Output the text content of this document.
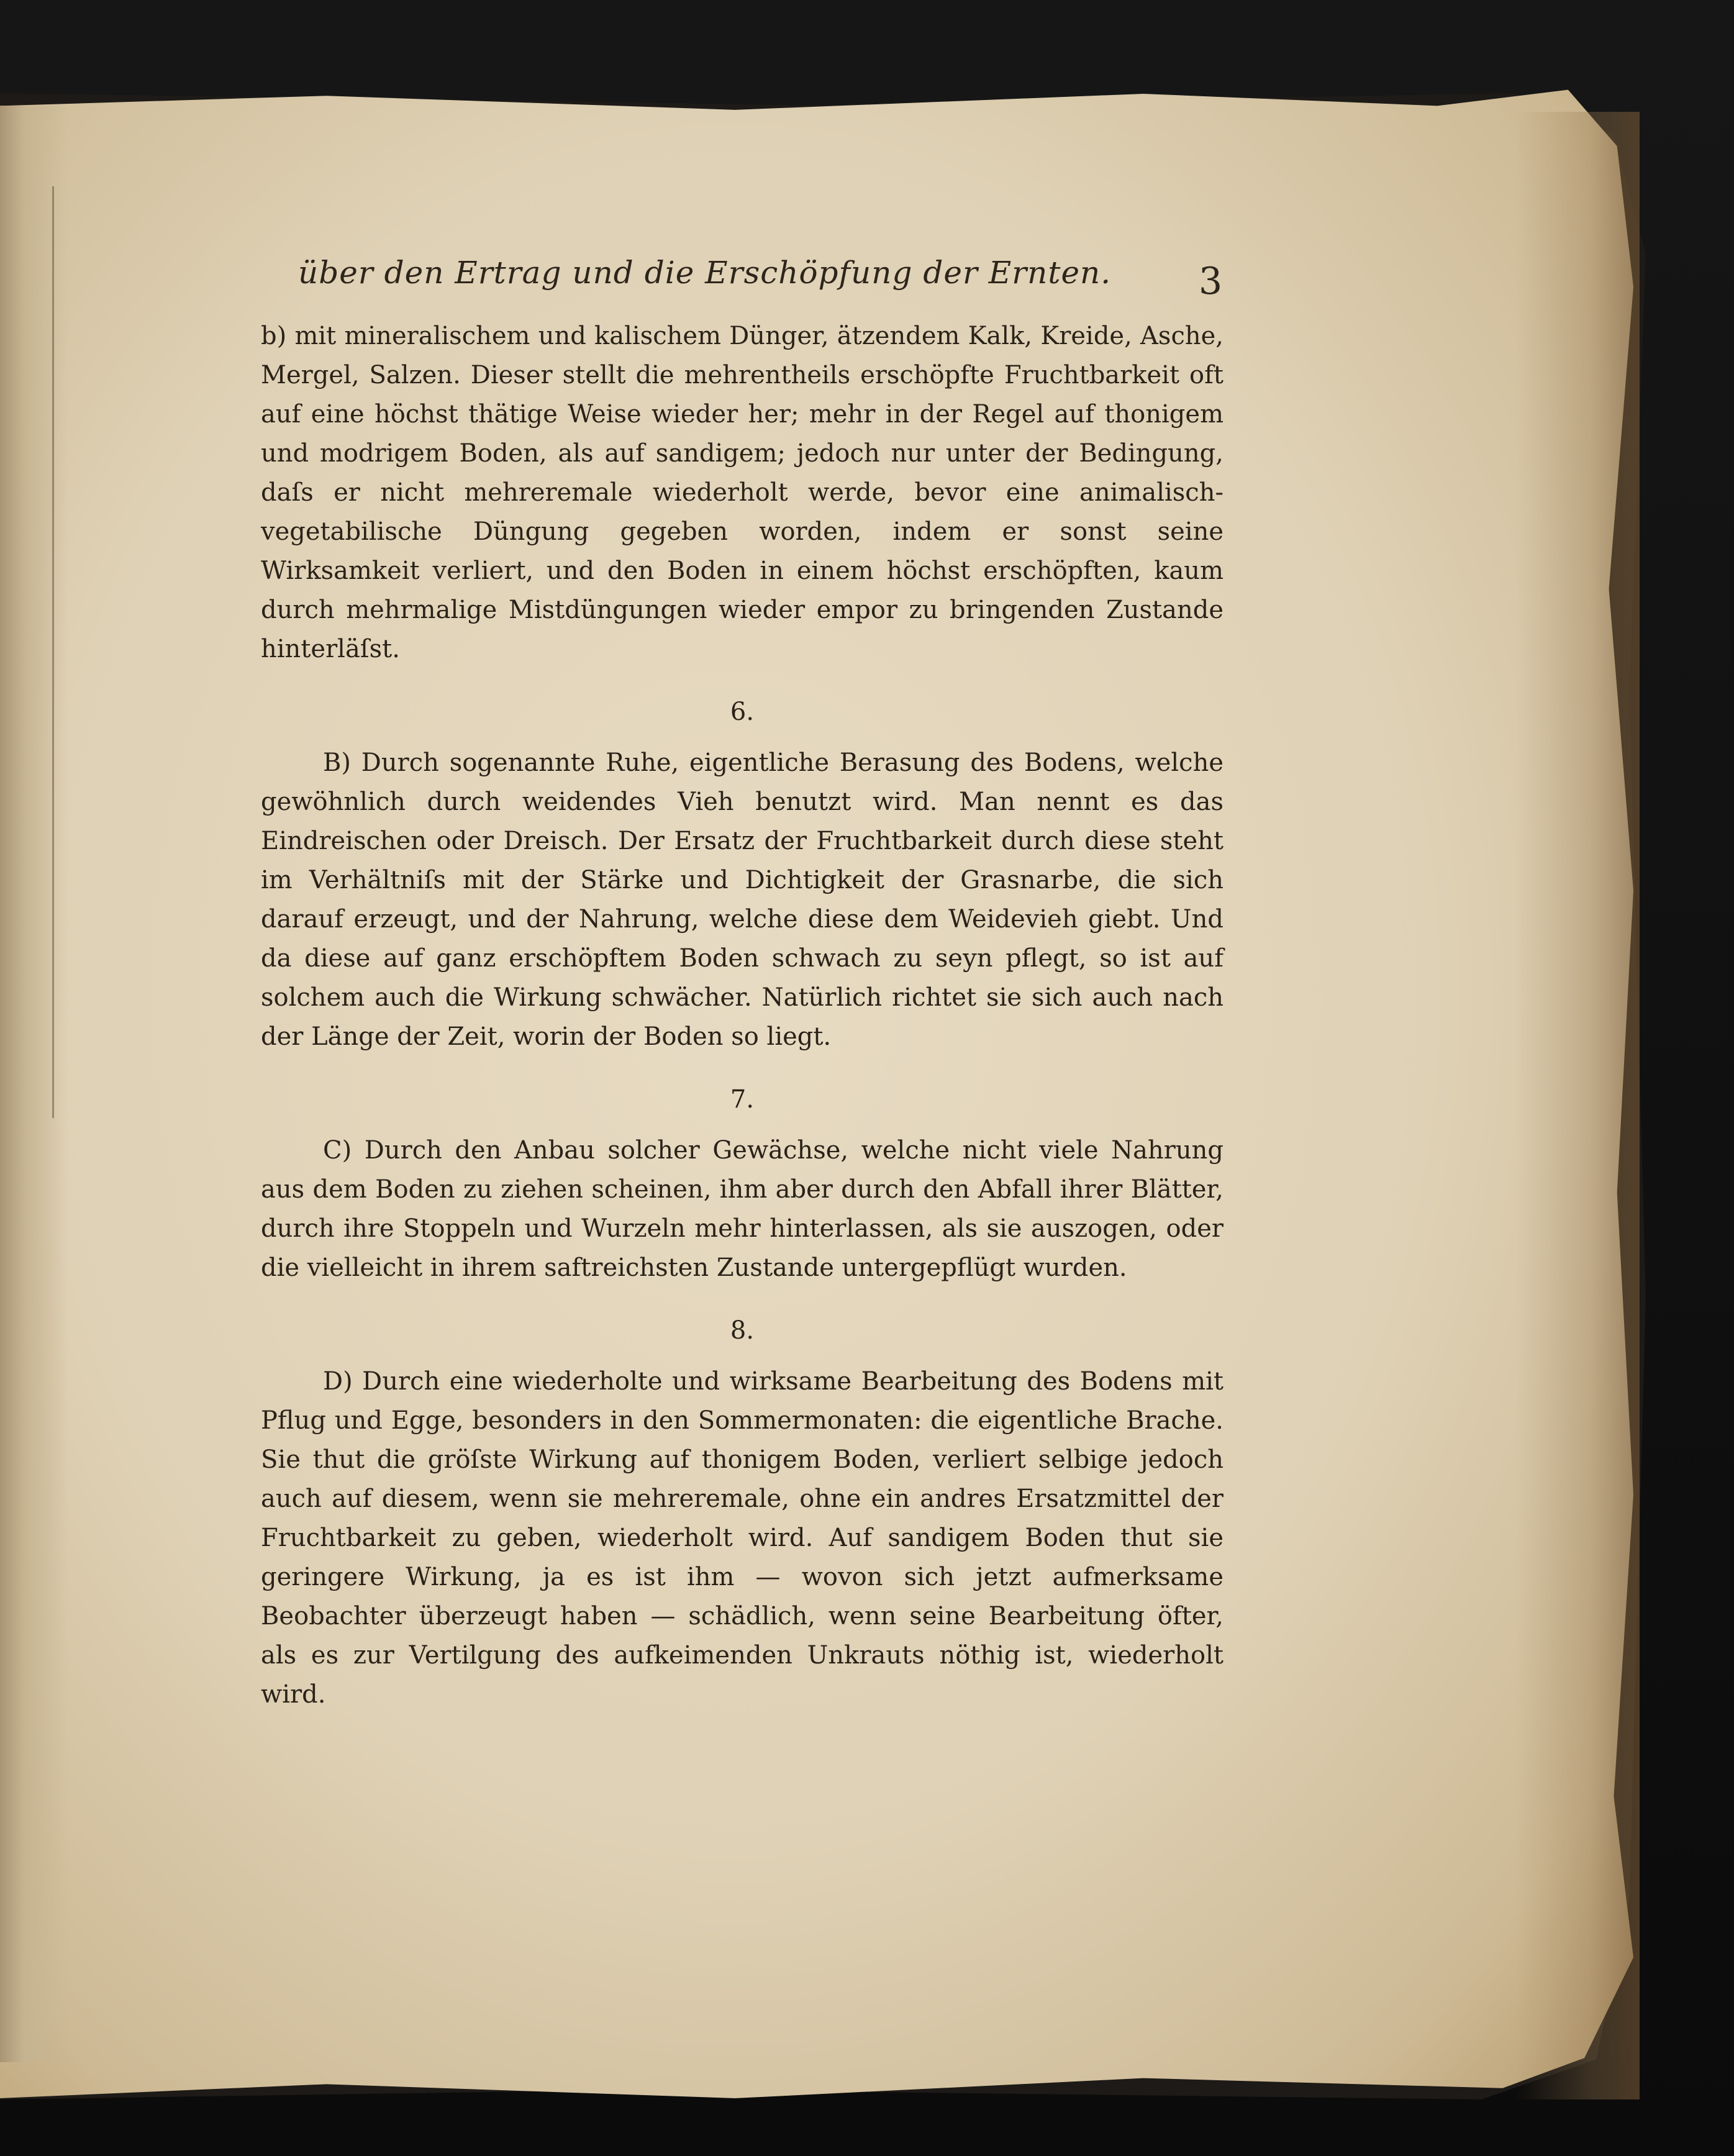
über den Ertrag und die Erschöpfung der Ernten. 3

b) mit mineralischem und kalischem Dünger, ätzendem Kalk, Kreide, Asche, Mergel, Salzen. Dieser stellt die mehrentheils erschöpfte Fruchtbarkeit oft auf eine höchst thätige Weise wieder her; mehr in der Regel auf thonigem und modrigem Boden, als auf sandigem; jedoch nur unter der Bedingung, daſs er nicht mehreremale wiederholt werde, bevor eine animalisch-vegetabilische Düngung gegeben worden, indem er sonst seine Wirksamkeit verliert, und den Boden in einem höchst erschöpften, kaum durch mehrmalige Mistdüngungen wieder empor zu bringenden Zustande hinterläſst.

6.

B) Durch sogenannte Ruhe, eigentliche Berasung des Bodens, welche gewöhnlich durch weidendes Vieh benutzt wird. Man nennt es das Eindreischen oder Dreisch. Der Ersatz der Fruchtbarkeit durch diese steht im Verhältniſs mit der Stärke und Dichtigkeit der Grasnarbe, die sich darauf erzeugt, und der Nahrung, welche diese dem Weidevieh giebt. Und da diese auf ganz erschöpftem Boden schwach zu seyn pflegt, so ist auf solchem auch die Wirkung schwächer. Natürlich richtet sie sich auch nach der Länge der Zeit, worin der Boden so liegt.

7.

C) Durch den Anbau solcher Gewächse, welche nicht viele Nahrung aus dem Boden zu ziehen scheinen, ihm aber durch den Abfall ihrer Blätter, durch ihre Stoppeln und Wurzeln mehr hinterlassen, als sie auszogen, oder die vielleicht in ihrem saftreichsten Zustande untergepflügt wurden.

8.

D) Durch eine wiederholte und wirksame Bearbeitung des Bodens mit Pflug und Egge, besonders in den Sommermonaten: die eigentliche Brache. Sie thut die gröſste Wirkung auf thonigem Boden, verliert selbige jedoch auch auf diesem, wenn sie mehreremale, ohne ein andres Ersatzmittel der Fruchtbarkeit zu geben, wiederholt wird. Auf sandigem Boden thut sie geringere Wirkung, ja es ist ihm — wovon sich jetzt aufmerksame Beobachter überzeugt haben — schädlich, wenn seine Bearbeitung öfter, als es zur Vertilgung des aufkeimenden Unkrauts nöthig ist, wiederholt wird.
